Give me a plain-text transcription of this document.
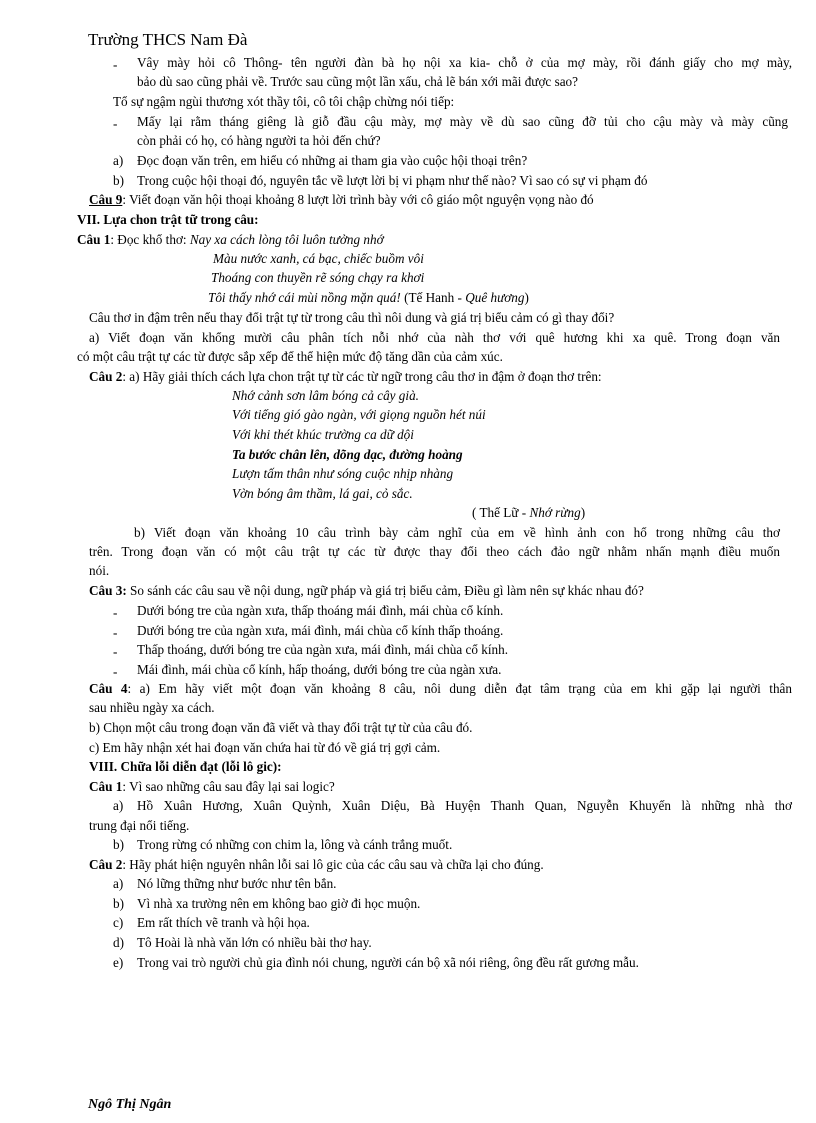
Trường THCS Nam Đà
- Vây mày hỏi cô Thông- tên người đàn bà họ nội xa kia- chỗ ở của mợ mày, rồi đánh giấy cho mợ mày,
bảo dù sao cũng phải về. Trước sau cũng một lần xấu, chả lẽ bán xới mãi được sao?
Tổ sự ngậm ngùi thương xót thầy tôi, cô tôi chập chừng nói tiếp:
- Mấy lại rằm tháng giêng là giỗ đầu cậu mày, mợ mày về dù sao cũng đỡ tủi cho cậu mày và mày cũng
còn phải có họ, có hàng người ta hỏi đến chứ?
a) Đọc đoạn văn trên, em hiểu có những ai tham gia vào cuộc hội thoại trên?
b) Trong cuộc hội thoại đó, nguyên tắc về lượt lời bị vi phạm như thế nào? Vì sao có sự vi phạm đó
Câu 9: Viết đoạn văn hội thoại khoảng 8 lượt lời trình bày với cô giáo một nguyện vọng nào đó
VII. Lựa chon trật tữ trong câu:
Câu 1: Đọc khổ thơ: Nay xa cách lòng tôi luôn tưởng nhớ
Màu nước xanh, cá bạc, chiếc buồm vôi
Thoáng con thuyền rẽ sóng chạy ra khơi
Tôi thấy nhớ cái mùi nồng mặn quá! (Tế Hanh - Quê hương)
Câu thơ in đậm trên nếu thay đổi trật tự từ trong câu thì nôi dung và giá trị biểu cảm có gì thay đổi?
a) Viết đoạn văn khổng mười câu phân tích nỗi nhớ của nàh thơ với quê hương khi xa quê. Trong đoạn văn
có một câu trật tự các từ được sắp xếp để thể hiện mức độ tăng dần của cảm xúc.
Câu 2: a) Hãy giải thích cách lựa chon trật tự từ các từ ngữ trong câu thơ in đậm ở đoạn thơ trên:
Nhớ cảnh sơn lâm bóng cả cây già.
Với tiếng gió gào ngàn, với giọng nguồn hét núi
Với khi thét khúc trường ca dữ dội
Ta bước chân lên, dõng dạc, đường hoàng
Lượn tấm thân như sóng cuộc nhịp nhàng
Vờn bóng âm thầm, lá gai, cỏ sắc.
( Thế Lữ - Nhớ rừng)
b) Viết đoạn văn khoảng 10 câu trình bày cảm nghĩ của em về hình ảnh con hổ trong những câu thơ
trên. Trong đoạn văn có một câu trật tự các từ được thay đổi theo cách đảo ngữ nhằm nhấn mạnh điều muốn
nói.
Câu 3: So sánh các câu sau về nội dung, ngữ pháp và giá trị biểu cảm, Điều gì làm nên sự khác nhau đó?
- Dưới bóng tre của ngàn xưa, thấp thoáng mái đình, mái chùa cổ kính.
- Dưới bóng tre của ngàn xưa, mái đình, mái chùa cổ kính thấp thoáng.
- Thấp thoáng, dưới bóng tre của ngàn xưa, mái đình, mái chùa cổ kính.
- Mái đình, mái chùa cổ kính, hấp thoáng, dưới bóng tre của ngàn xưa.
Câu 4: a) Em hãy viết một đoạn văn khoảng 8 câu, nôi dung diễn đạt tâm trạng của em khi gặp lại người thân
sau nhiều ngày xa cách.
b) Chọn một câu trong đoạn văn đã viết và thay đổi trật tự từ của câu đó.
c) Em hãy nhận xét hai đoạn văn chứa hai từ đó về giá trị gợi cảm.
VIII. Chữa lỗi diễn đạt (lỗi lô gic):
Câu 1: Vì sao những câu sau đây lại sai logic?
a) Hồ Xuân Hương, Xuân Quỳnh, Xuân Diệu, Bà Huyện Thanh Quan, Nguyễn Khuyến là những nhà thơ
trung đại nổi tiếng.
b) Trong rừng có những con chim la, lông và cánh trắng muốt.
Câu 2: Hãy phát hiện nguyên nhân lỗi sai lô gic của các câu sau và chữa lại cho đúng.
a) Nó lững thững như bước như tên bắn.
b) Vì nhà xa trường nên em không bao giờ đi học muộn.
c) Em rất thích vẽ tranh và hội họa.
d) Tô Hoài là nhà văn lớn có nhiều bài thơ hay.
e) Trong vai trò người chủ gia đình nói chung, người cán bộ xã nói riêng, ông đều rất gương mẫu.
Ngô Thị Ngân
